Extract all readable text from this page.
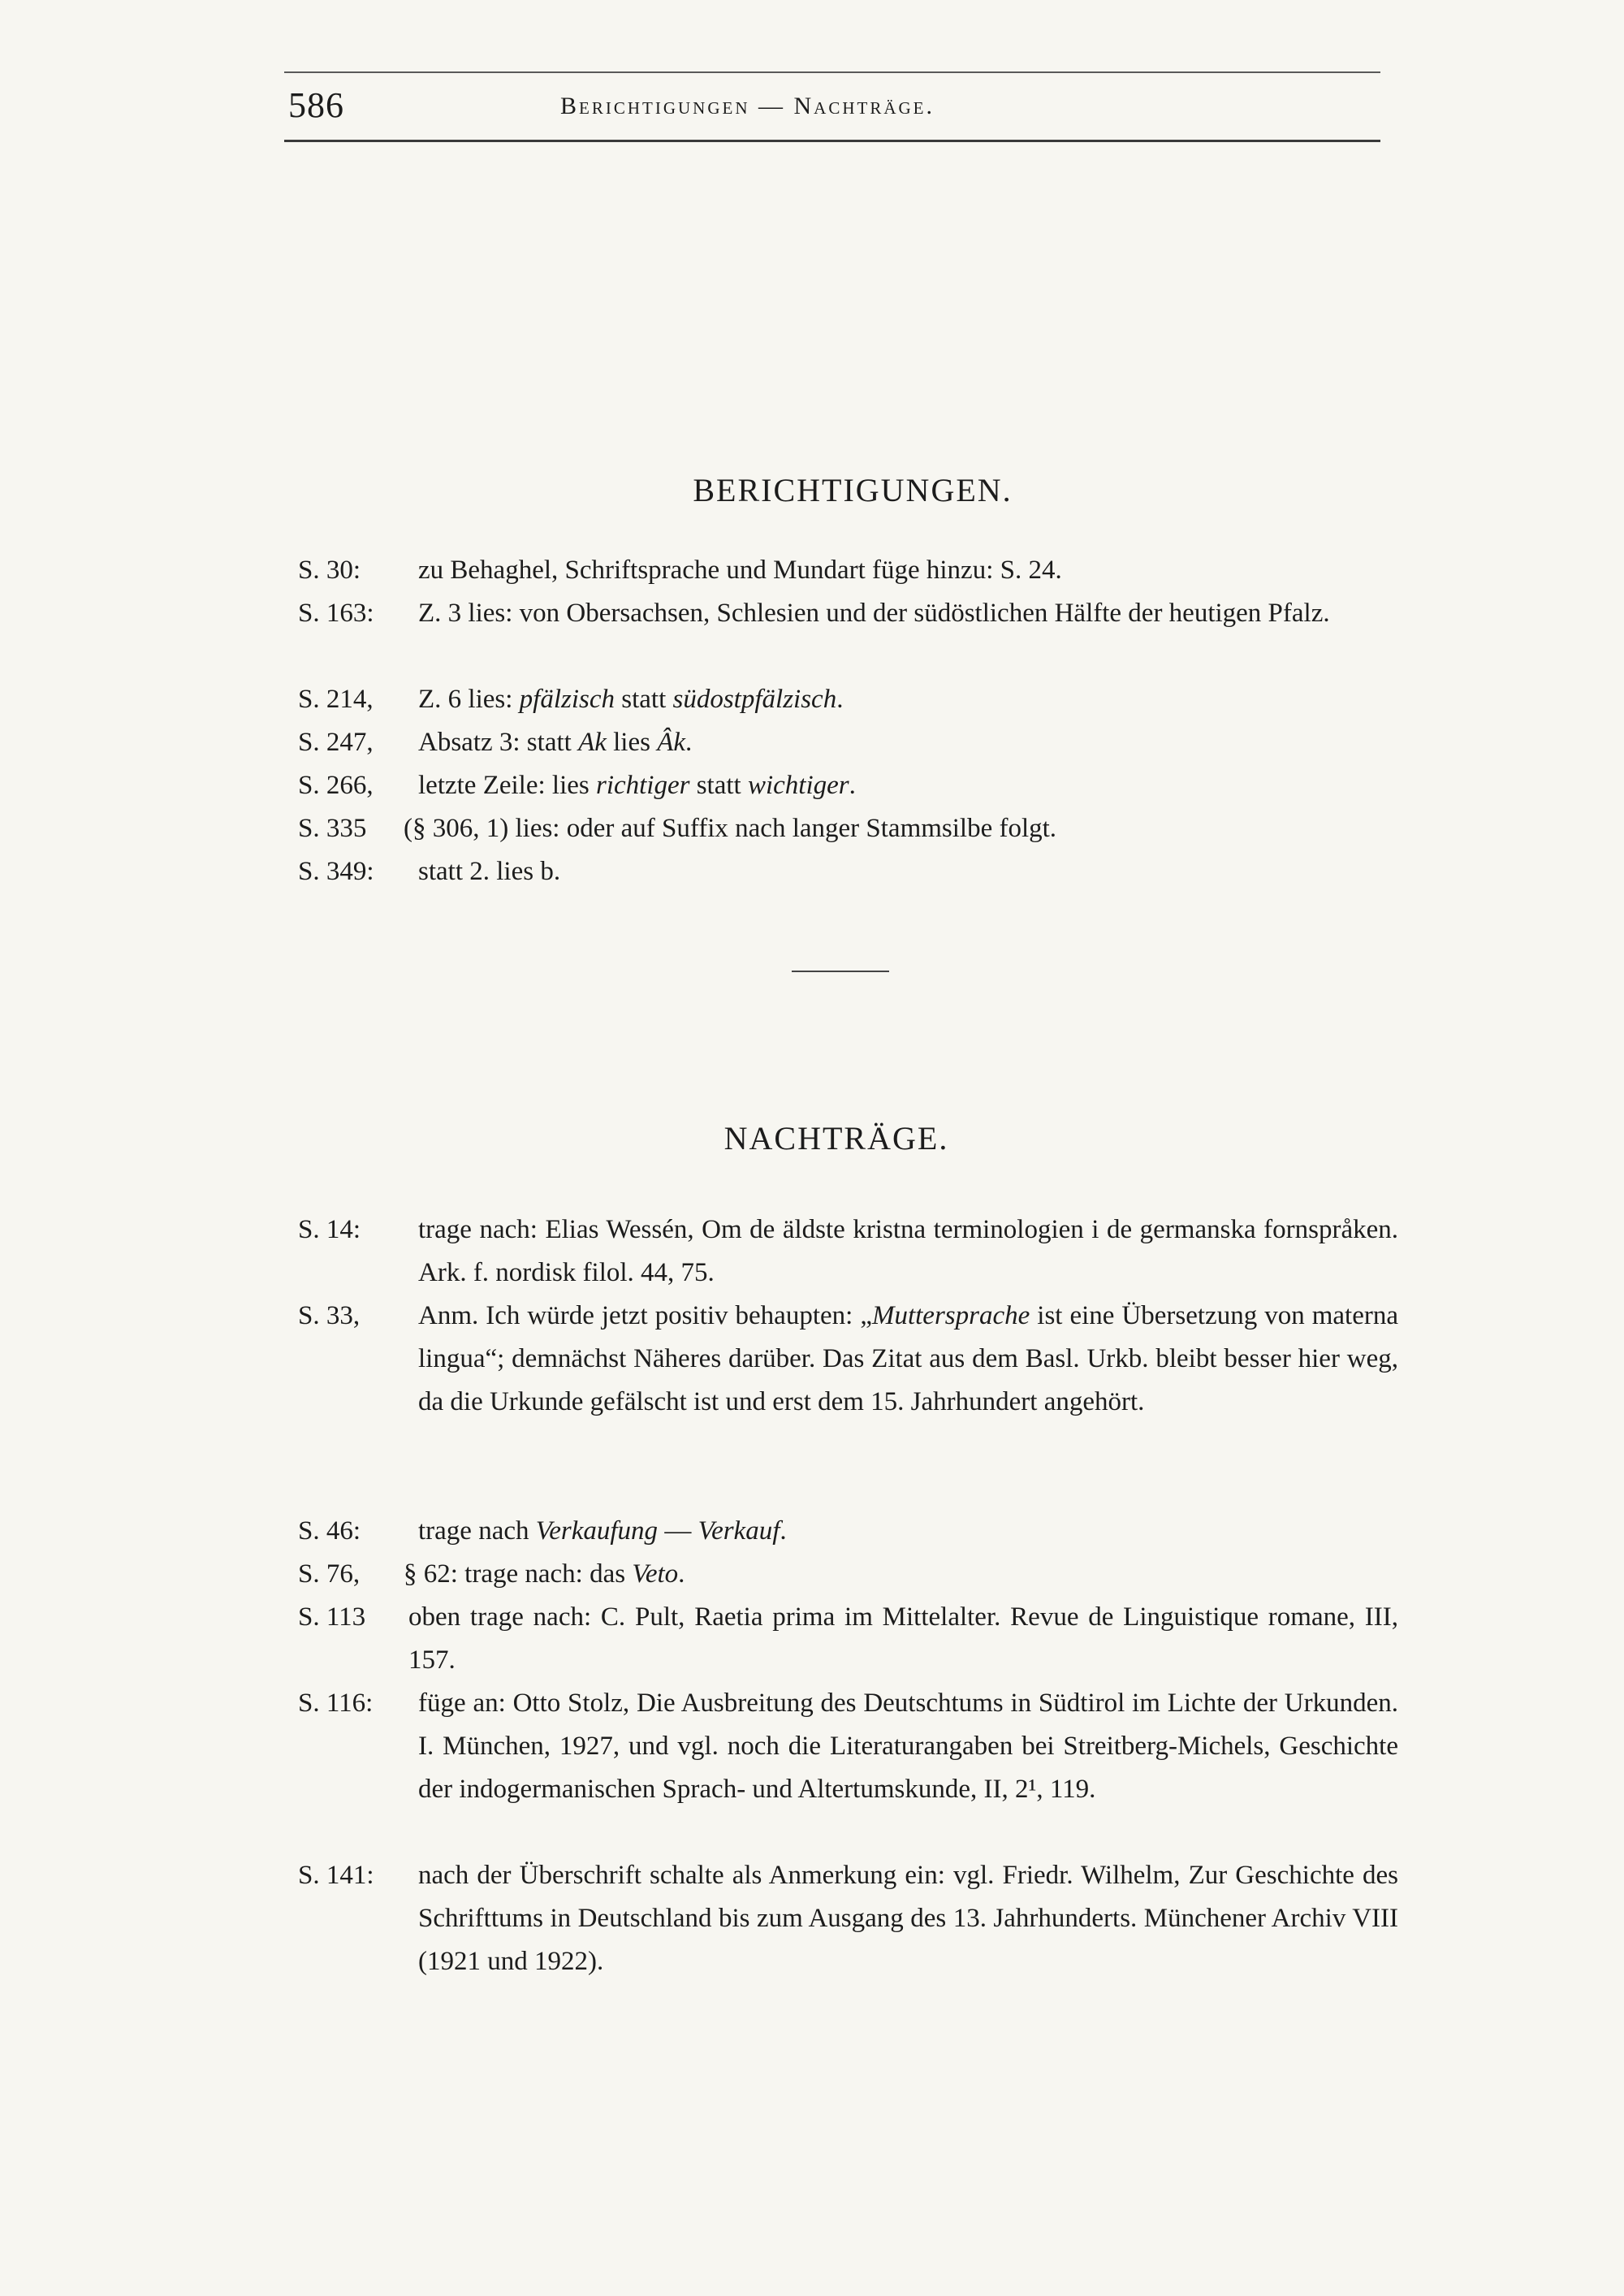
586	Berichtigungen — Nachträge.
BERICHTIGUNGEN.
S. 30: zu Behaghel, Schriftsprache und Mundart füge hinzu: S. 24.
S. 163: Z. 3 lies: von Obersachsen, Schlesien und der südöstlichen Hälfte der heutigen Pfalz.
S. 214, Z. 6 lies: pfälzisch statt südostpfälzisch.
S. 247, Absatz 3: statt Ak lies Âk.
S. 266, letzte Zeile: lies richtiger statt wichtiger.
S. 335 (§ 306, 1) lies: oder auf Suffix nach langer Stammsilbe folgt.
S. 349: statt 2. lies b.
NACHTRÄGE.
S. 14: trage nach: Elias Wessén, Om de äldste kristna terminologien i de germanska fornspråken. Ark. f. nordisk filol. 44, 75.
S. 33, Anm. Ich würde jetzt positiv behaupten: „Muttersprache ist eine Übersetzung von materna lingua“; demnächst Näheres darüber. Das Zitat aus dem Basl. Urkb. bleibt besser hier weg, da die Urkunde gefälscht ist und erst dem 15. Jahrhundert angehört.
S. 46: trage nach Verkaufung — Verkauf.
S. 76, § 62: trage nach: das Veto.
S. 113 oben trage nach: C. Pult, Raetia prima im Mittelalter. Revue de Linguistique romane, III, 157.
S. 116: füge an: Otto Stolz, Die Ausbreitung des Deutschtums in Südtirol im Lichte der Urkunden. I. München, 1927, und vgl. noch die Literaturangaben bei Streitberg-Michels, Geschichte der indogermanischen Sprach- und Altertumskunde, II, 2¹, 119.
S. 141: nach der Überschrift schalte als Anmerkung ein: vgl. Friedr. Wilhelm, Zur Geschichte des Schrifttums in Deutschland bis zum Ausgang des 13. Jahrhunderts. Münchener Archiv VIII (1921 und 1922).
